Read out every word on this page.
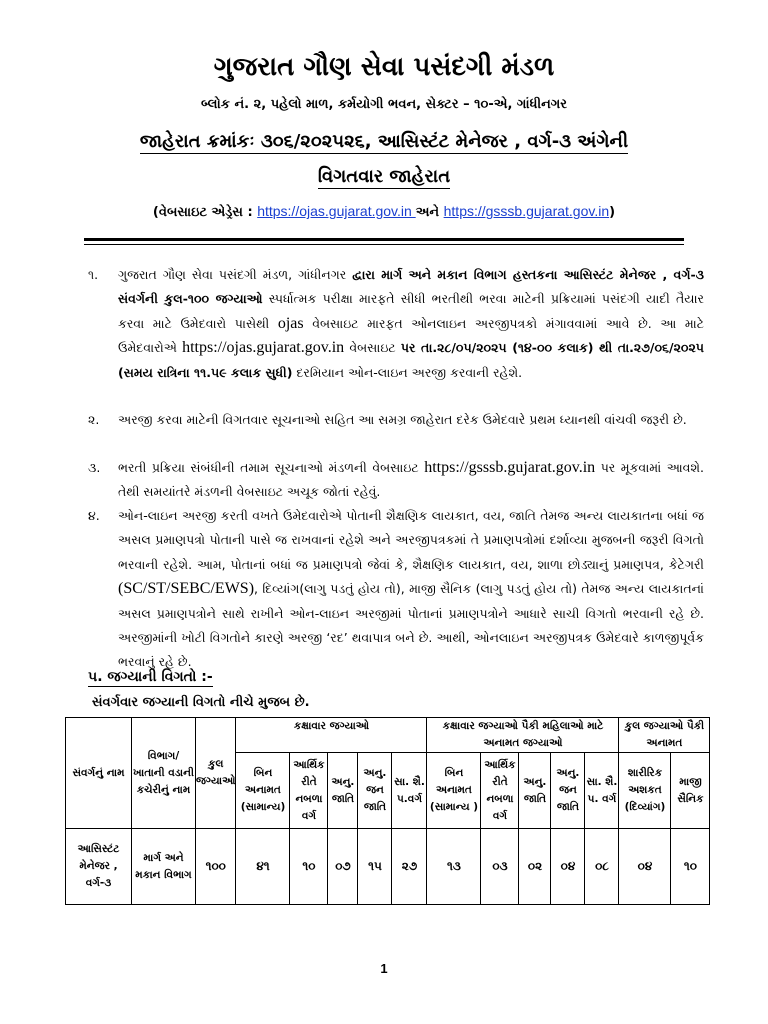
ગુજરાત ગૌણ સેવા પસંદગી મંડળ
બ્લોક નં. ૨, પહેલો માળ, કર્મયોગી ભવન, સેક્ટર – ૧૦-એ, ગાંધીનગર
જાહેરાત ક્રમાંકઃ ૩૦૬/૨૦૨૫૨૬, આસિસ્ટંટ મેનેજર , વર્ગ-૩ અંગેની
વિગતવાર જાહેરાત
(વેબસાઇટ એડ્રેસ : https://ojas.gujarat.gov.in અને https://gsssb.gujarat.gov.in)
૧.	ગુજરાત ગૌણ સેવા પસંદગી મંડળ, ગાંધીનગર દ્વારા માર્ગ અને મકાન વિભાગ હસ્તકના આસિસ્ટંટ મેનેજર , વર્ગ-૩ સંવર્ગની કુલ-૧૦૦ જગ્યાઓ સ્પર્ધાત્મક પરીક્ષા મારફતે સીધી ભરતીથી ભરવા માટેની પ્રક્રિયામાં પસંદગી યાદી તૈયાર કરવા માટે ઉમેદવારો પાસેથી ojas વેબસાઇટ મારફત ઓનલાઇન અરજીપત્રકો મંગાવવામાં આવે છે. આ માટે ઉમેદવારોએ https://ojas.gujarat.gov.in વેબસાઇટ પર તા.૨૮/૦૫/૨૦૨૫ (૧૪-૦૦ કલાક) થી તા.૨૭/૦૬/૨૦૨૫ (સમય રાત્રિના ૧૧.૫૯ કલાક સુધી) દરમિયાન ઓન-લાઇન અરજી કરવાની રહેશે.
૨.	અરજી કરવા માટેની વિગતવાર સૂચનાઓ સહિત આ સમગ્ર જાહેરાત દરેક ઉમેદવારે પ્રથમ ધ્યાનથી વાંચવી જરૂરી છે.
૩.	ભરતી પ્રક્રિયા સંબંધીની તમામ સૂચનાઓ મંડળની વેબસાઇટ https://gsssb.gujarat.gov.in પર મૂકવામાં આવશે. તેથી સમયાંતરે મંડળની વેબસાઇટ અચૂક જોતાં રહેવું.
૪.	ઓન-લાઇન અરજી કરતી વખતે ઉમેદવારોએ પોતાની શૈક્ષણિક લાયકાત, વય, જાતિ તેમજ અન્ય લાયકાતના બધાં જ અસલ પ્રમાણપત્રો પોતાની પાસે જ રાખવાનાં રહેશે અને અરજીપત્રકમાં તે પ્રમાણપત્રોમાં દર્શાવ્યા મુજબની જરૂરી વિગતો ભરવાની રહેશે. આમ, પોતાનાં બધાં જ પ્રમાણપત્રો જેવાં કે, શૈક્ષણિક લાયકાત, વય, શાળા છોડ્યાનું પ્રમાણપત્ર, કેટેગરી (SC/ST/SEBC/EWS), દિવ્યાંગ(લાગુ પડતું હોય તો), માજી સૈનિક (લાગુ પડતું હોય તો) તેમજ અન્ય લાયકાતનાં અસલ પ્રમાણપત્રોને સાથે રાખીને ઓન-લાઇન અરજીમાં પોતાનાં પ્રમાણપત્રોને આધારે સાચી વિગતો ભરવાની રહે છે. અરજીમાંની ખોટી વિગતોને કારણે અરજી ‘રદ’ થવાપાત્ર બને છે. આથી, ઓનલાઇન અરજીપત્રક ઉમેદવારે કાળજીપૂર્વક ભરવાનું રહે છે.
૫. જગ્યાની વિગતો :-
સંવર્ગવાર જગ્યાની વિગતો નીચે મુજબ છે.
સંવર્ગનું નામ	વિભાગ/ ખાતાની વડાની કચેરીનું નામ	કુલ જગ્યાઓ	કક્ષાવાર જગ્યાઓ					કક્ષાવાર જગ્યાઓ પૈકી મહિલાઓ માટે અનામત જગ્યાઓ					કુલ જગ્યાઓ પૈકી અનામત	
			બિન અનામત (સામાન્ય)	આર્થિક રીતે નબળા વર્ગ	અનુ. જાતિ	અનુ. જન જાતિ	સા. શૈ. પ.વર્ગ	બિન અનામત (સામાન્ય )	આર્થિક રીતે નબળા વર્ગ	અનુ. જાતિ	અનુ. જન જાતિ	સા. શૈ. પ. વર્ગ	શારીરિક અશકત (દિવ્યાંગ)	માજી સૈનિક
આસિસ્ટંટ મેનેજર , વર્ગ-૩	માર્ગ અને મકાન વિભાગ	૧૦૦	૪૧	૧૦	૦૭	૧૫	૨૭	૧૩	૦૩	૦૨	૦૪	૦૮	૦૪	૧૦
1
